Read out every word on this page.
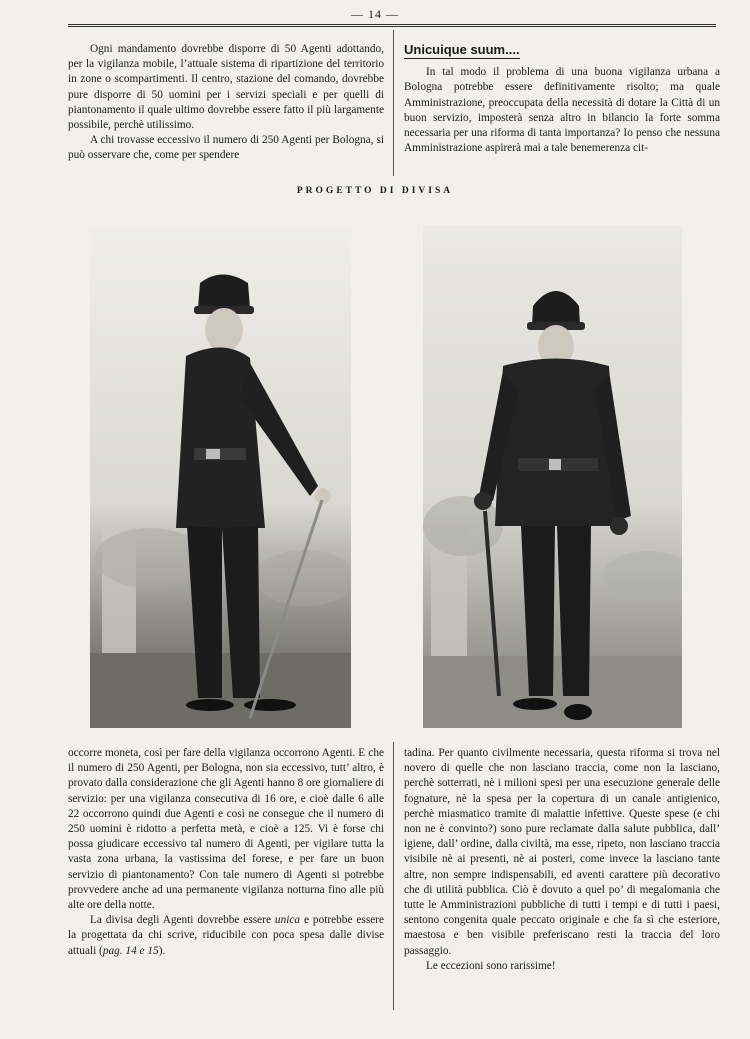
— 14 —

Ogni mandamento dovrebbe disporre di 50 Agenti adottando, per la vigilanza mobile, l’attuale sistema di ripartizione del territorio in zone o scompartimenti. Il centro, stazione del comando, dovrebbe pure disporre di 50 uomini per i servizi speciali e per quelli di piantonamento il quale ultimo dovrebbe essere fatto il più largamente possibile, perchè utilissimo.

A chi trovasse eccessivo il numero di 250 Agenti per Bologna, si può osservare che, come per spendere

Unicuique suum....

In tal modo il problema di una buona vigilanza urbana a Bologna potrebbe essere definitivamente risolto; ma quale Amministrazione, preoccupata della necessità di dotare la Città di un buon servizio, imposterà senza altro in bilancio la forte somma necessaria per una riforma di tanta importanza? Io penso che nessuna Amministrazione aspirerà mai a tale benemerenza cit-

PROGETTO DI DIVISA

occorre moneta, così per fare della vigilanza occorrono Agenti. E che il numero di 250 Agenti, per Bologna, non sia eccessivo, tutt’ altro, è provato dalla considerazione che gli Agenti hanno 8 ore giornaliere di servizio: per una vigilanza consecutiva di 16 ore, e cioè dalle 6 alle 22 occorrono quindi due Agenti e così ne consegue che il numero di 250 uomini è ridotto a perfetta metà, e cioè a 125. Vi è forse chi possa giudicare eccessivo tal numero di Agenti, per vigilare tutta la vasta zona urbana, la vastissima del forese, e per fare un buon servizio di piantonamento? Con tale numero di Agenti si potrebbe provvedere anche ad una permanente vigilanza notturna fino alle più alte ore della notte.

La divisa degli Agenti dovrebbe essere unica e potrebbe essere la progettata da chi scrive, riducibile con poca spesa dalle divise attuali (pag. 14 e 15).

tadina. Per quanto civilmente necessaria, questa riforma si trova nel novero di quelle che non lasciano traccia, come non la lasciano, perchè sotterrati, nè i milioni spesi per una esecuzione generale delle fognature, nè la spesa per la copertura di un canale antigienico, perchè miasmatico tramite di malattie infettive. Queste spese (e chi non ne è convinto?) sono pure reclamate dalla salute pubblica, dall’ igiene, dall’ ordine, dalla civiltà, ma esse, ripeto, non lasciano traccia visibile nè ai presenti, nè ai posteri, come invece la lasciano tante altre, non sempre indispensabili, ed aventi carattere più decorativo che di utilità pubblica. Ciò è dovuto a quel po’ di megalomania che tutte le Amministrazioni pubbliche di tutti i tempi e di tutti i paesi, sentono congenita quale peccato originale e che fa sì che esteriore, maestosa e ben visibile preferiscano resti la traccia del loro passaggio.

Le eccezioni sono rarissime!
